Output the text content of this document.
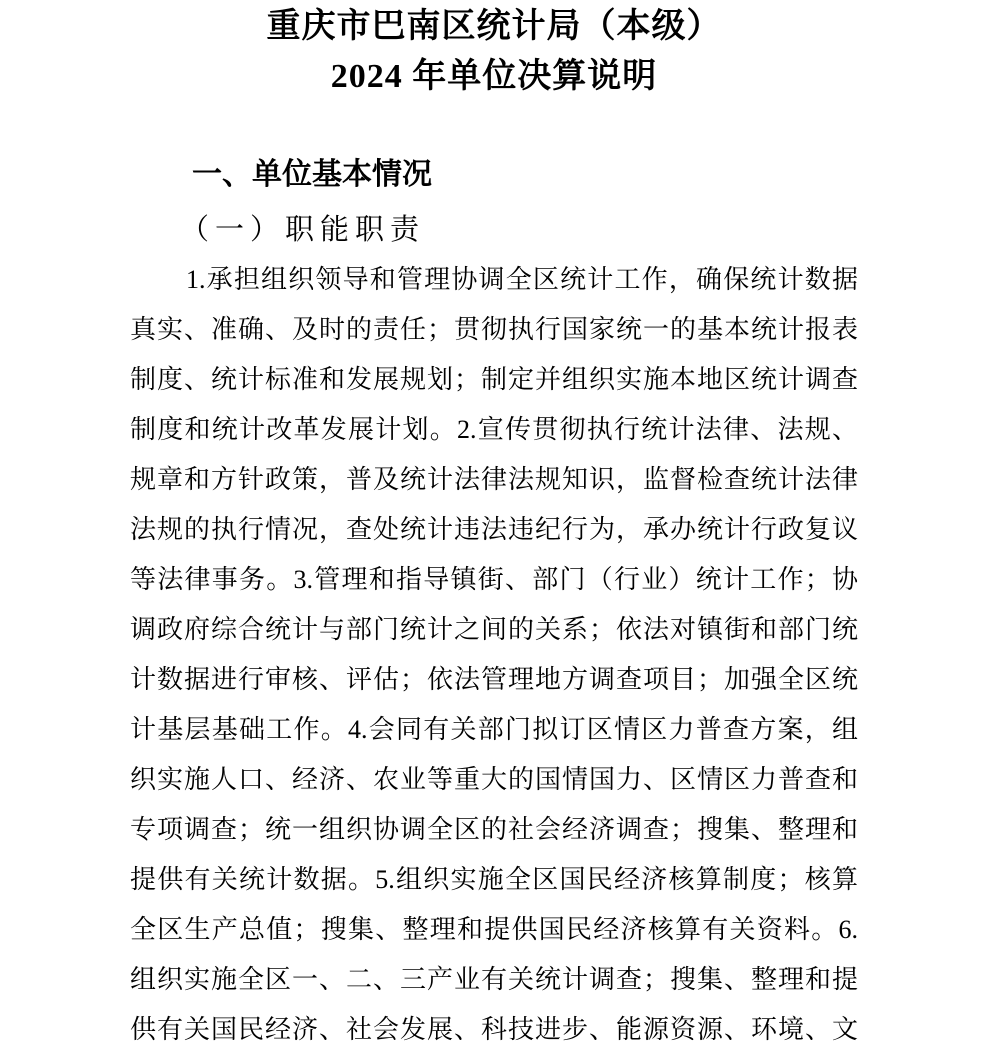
重庆市巴南区统计局（本级）
2024 年单位决算说明
一、单位基本情况
（一）职能职责
1.承担组织领导和管理协调全区统计工作，确保统计数据
真实、准确、及时的责任；贯彻执行国家统一的基本统计报表
制度、统计标准和发展规划；制定并组织实施本地区统计调查
制度和统计改革发展计划。2.宣传贯彻执行统计法律、法规、
规章和方针政策，普及统计法律法规知识，监督检查统计法律
法规的执行情况，查处统计违法违纪行为，承办统计行政复议
等法律事务。3.管理和指导镇街、部门（行业）统计工作；协
调政府综合统计与部门统计之间的关系；依法对镇街和部门统
计数据进行审核、评估；依法管理地方调查项目；加强全区统
计基层基础工作。4.会同有关部门拟订区情区力普查方案，组
织实施人口、经济、农业等重大的国情国力、区情区力普查和
专项调查；统一组织协调全区的社会经济调查；搜集、整理和
提供有关统计数据。5.组织实施全区国民经济核算制度；核算
全区生产总值；搜集、整理和提供国民经济核算有关资料。6.
组织实施全区一、二、三产业有关统计调查；搜集、整理和提
供有关国民经济、社会发展、科技进步、能源资源、环境、文
